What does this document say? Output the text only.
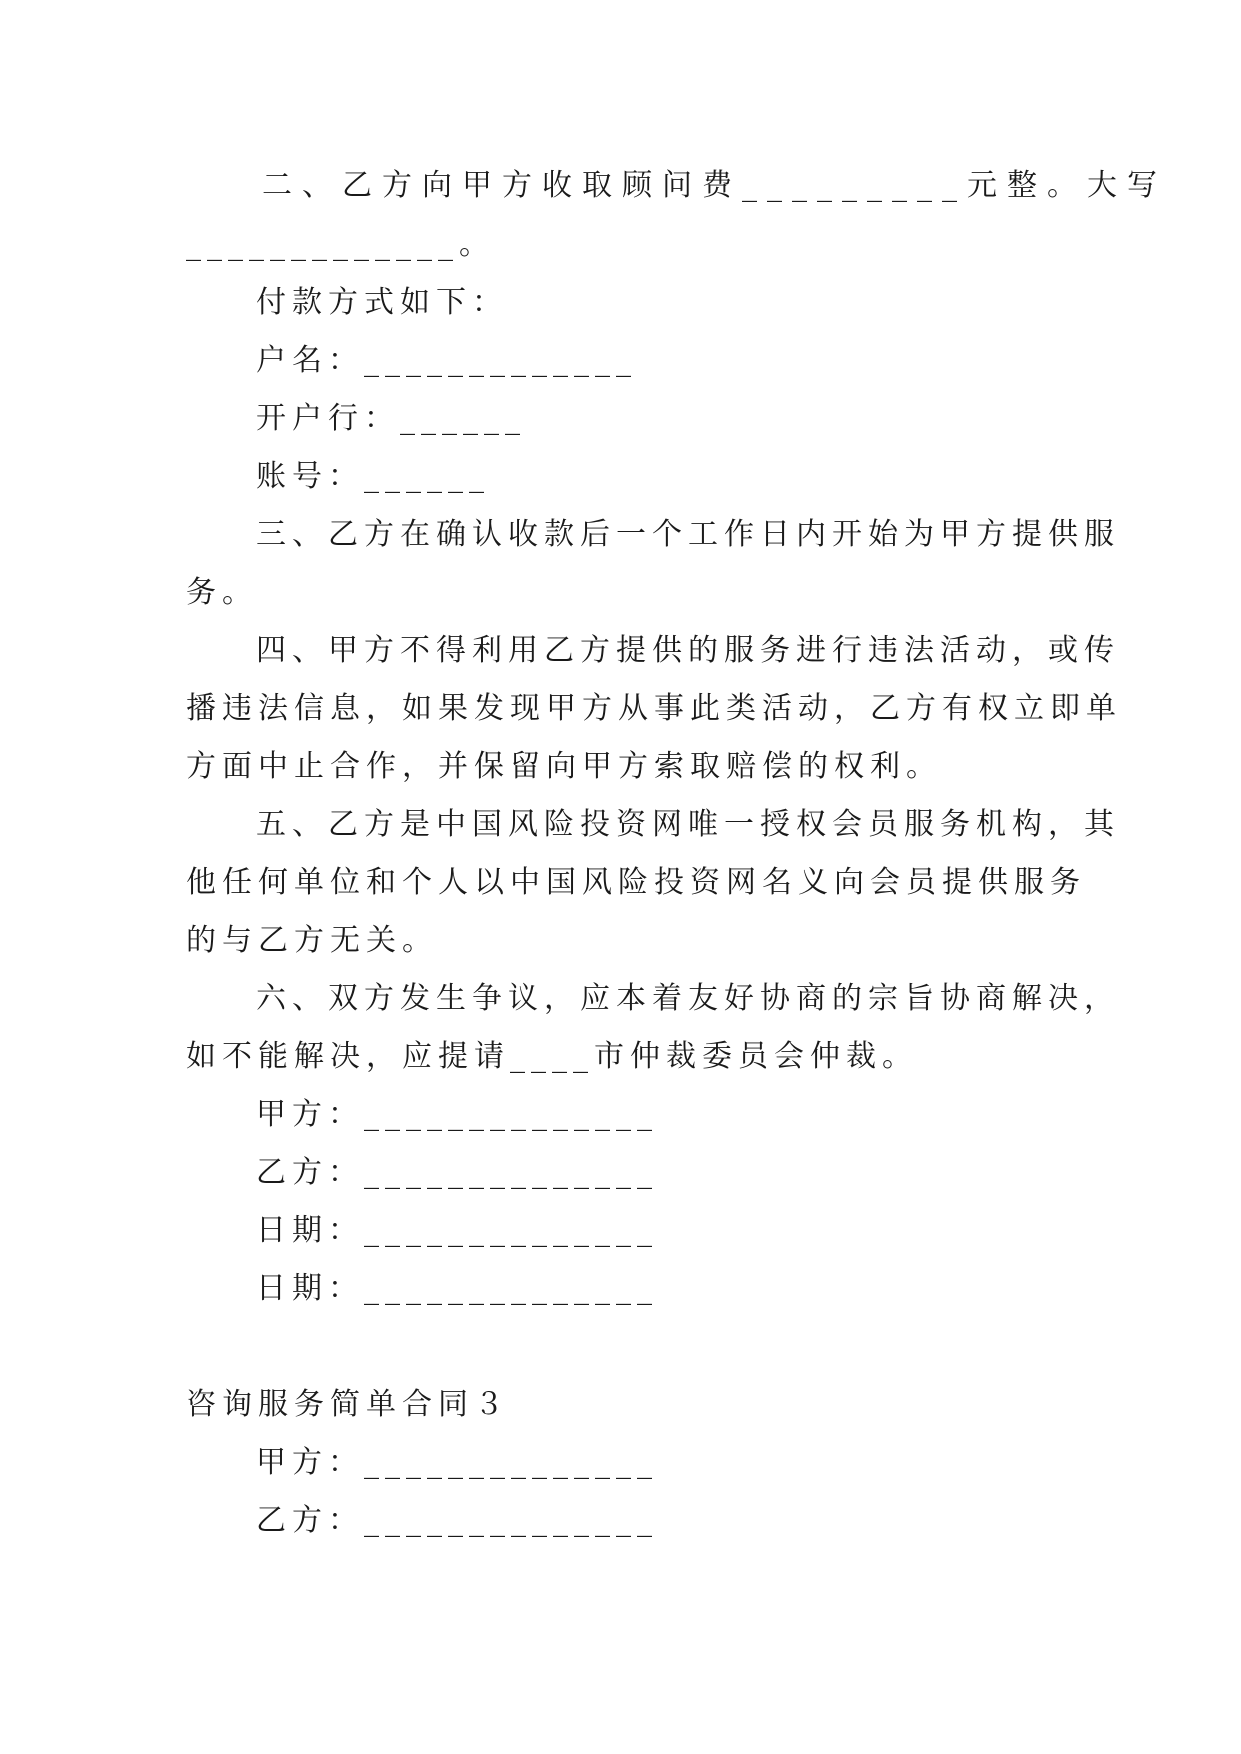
二、乙方向甲方收取顾问费_________元整。大写
_____________。
付款方式如下：
户名：_____________
开户行：______
账号：______
三、乙方在确认收款后一个工作日内开始为甲方提供服
务。
四、甲方不得利用乙方提供的服务进行违法活动，或传
播违法信息，如果发现甲方从事此类活动，乙方有权立即单
方面中止合作，并保留向甲方索取赔偿的权利。
五、乙方是中国风险投资网唯一授权会员服务机构，其
他任何单位和个人以中国风险投资网名义向会员提供服务
的与乙方无关。
六、双方发生争议，应本着友好协商的宗旨协商解决，
如不能解决，应提请____市仲裁委员会仲裁。
甲方：______________
乙方：______________
日期：______________
日期：______________
咨询服务简单合同３
甲方：______________
乙方：______________
